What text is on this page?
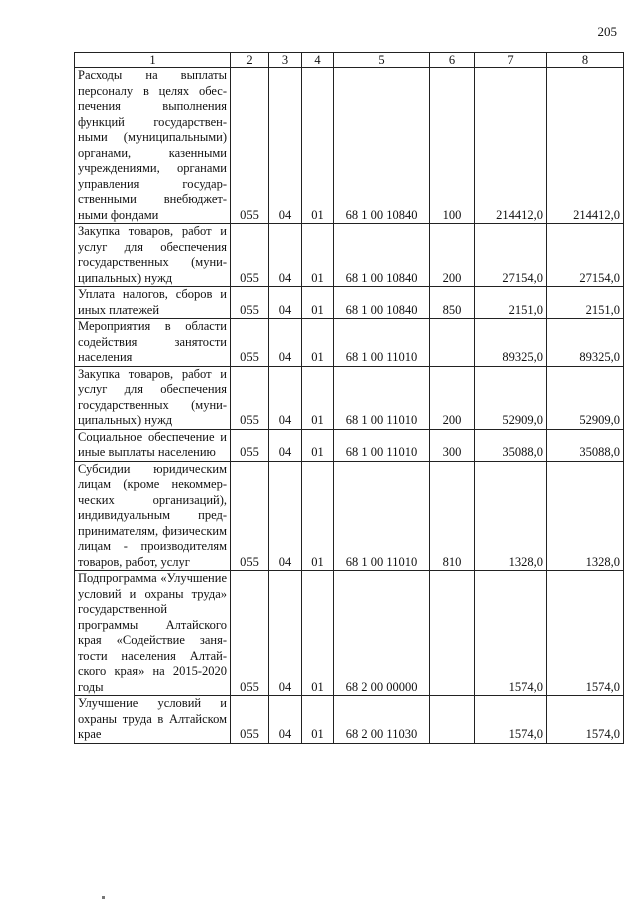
205
1	2	3	4	5	6	7	8
Расходы на выплаты персоналу в целях обеспечения выполнения функций государственными (муниципальными) органами, казенными учреждениями, органами управления государственными внебюджетными фондами	055	04	01	68 1 00 10840	100	214412,0	214412,0
Закупка товаров, работ и услуг для обеспечения государственных (муниципальных) нужд	055	04	01	68 1 00 10840	200	27154,0	27154,0
Уплата налогов, сборов и иных платежей	055	04	01	68 1 00 10840	850	2151,0	2151,0
Мероприятия в области содействия занятости населения	055	04	01	68 1 00 11010		89325,0	89325,0
Закупка товаров, работ и услуг для обеспечения государственных (муниципальных) нужд	055	04	01	68 1 00 11010	200	52909,0	52909,0
Социальное обеспечение и иные выплаты населению	055	04	01	68 1 00 11010	300	35088,0	35088,0
Субсидии юридическим лицам (кроме некоммерческих организаций), индивидуальным предпринимателям, физическим лицам - производителям товаров, работ, услуг	055	04	01	68 1 00 11010	810	1328,0	1328,0
Подпрограмма «Улучшение условий и охраны труда» государственной программы Алтайского края «Содействие занятости населения Алтайского края» на 2015-2020 годы	055	04	01	68 2 00 00000		1574,0	1574,0
Улучшение условий и охраны труда в Алтайском крае	055	04	01	68 2 00 11030		1574,0	1574,0
